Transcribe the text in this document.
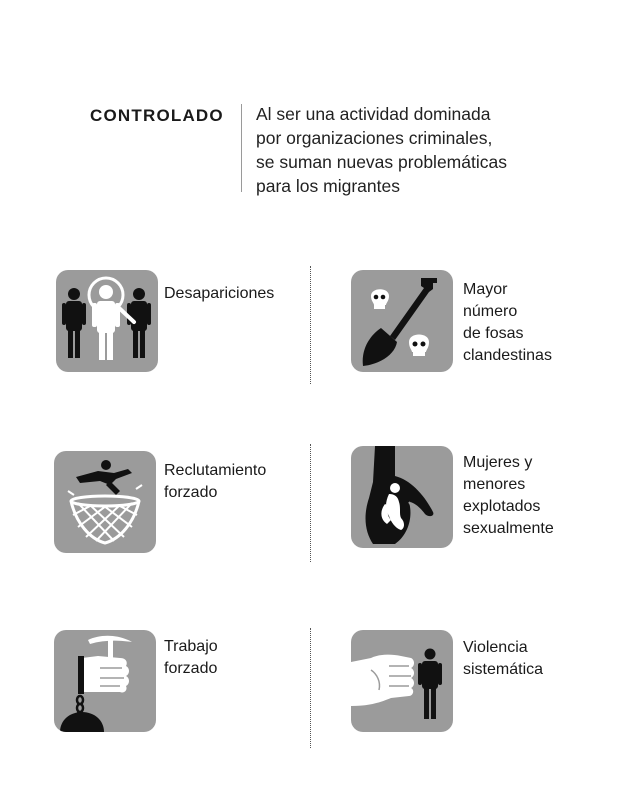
CONTROLADO Al ser una actividad dominada
por organizaciones criminales,
se suman nuevas problemáticas
para los migrantes
Desapariciones	Mayor
número
de fosas
clandestinas
Reclutamiento
forzado
Mujeres y
menores
explotados
sexualmente
Trabajo
forzado
Violencia
sistemática
